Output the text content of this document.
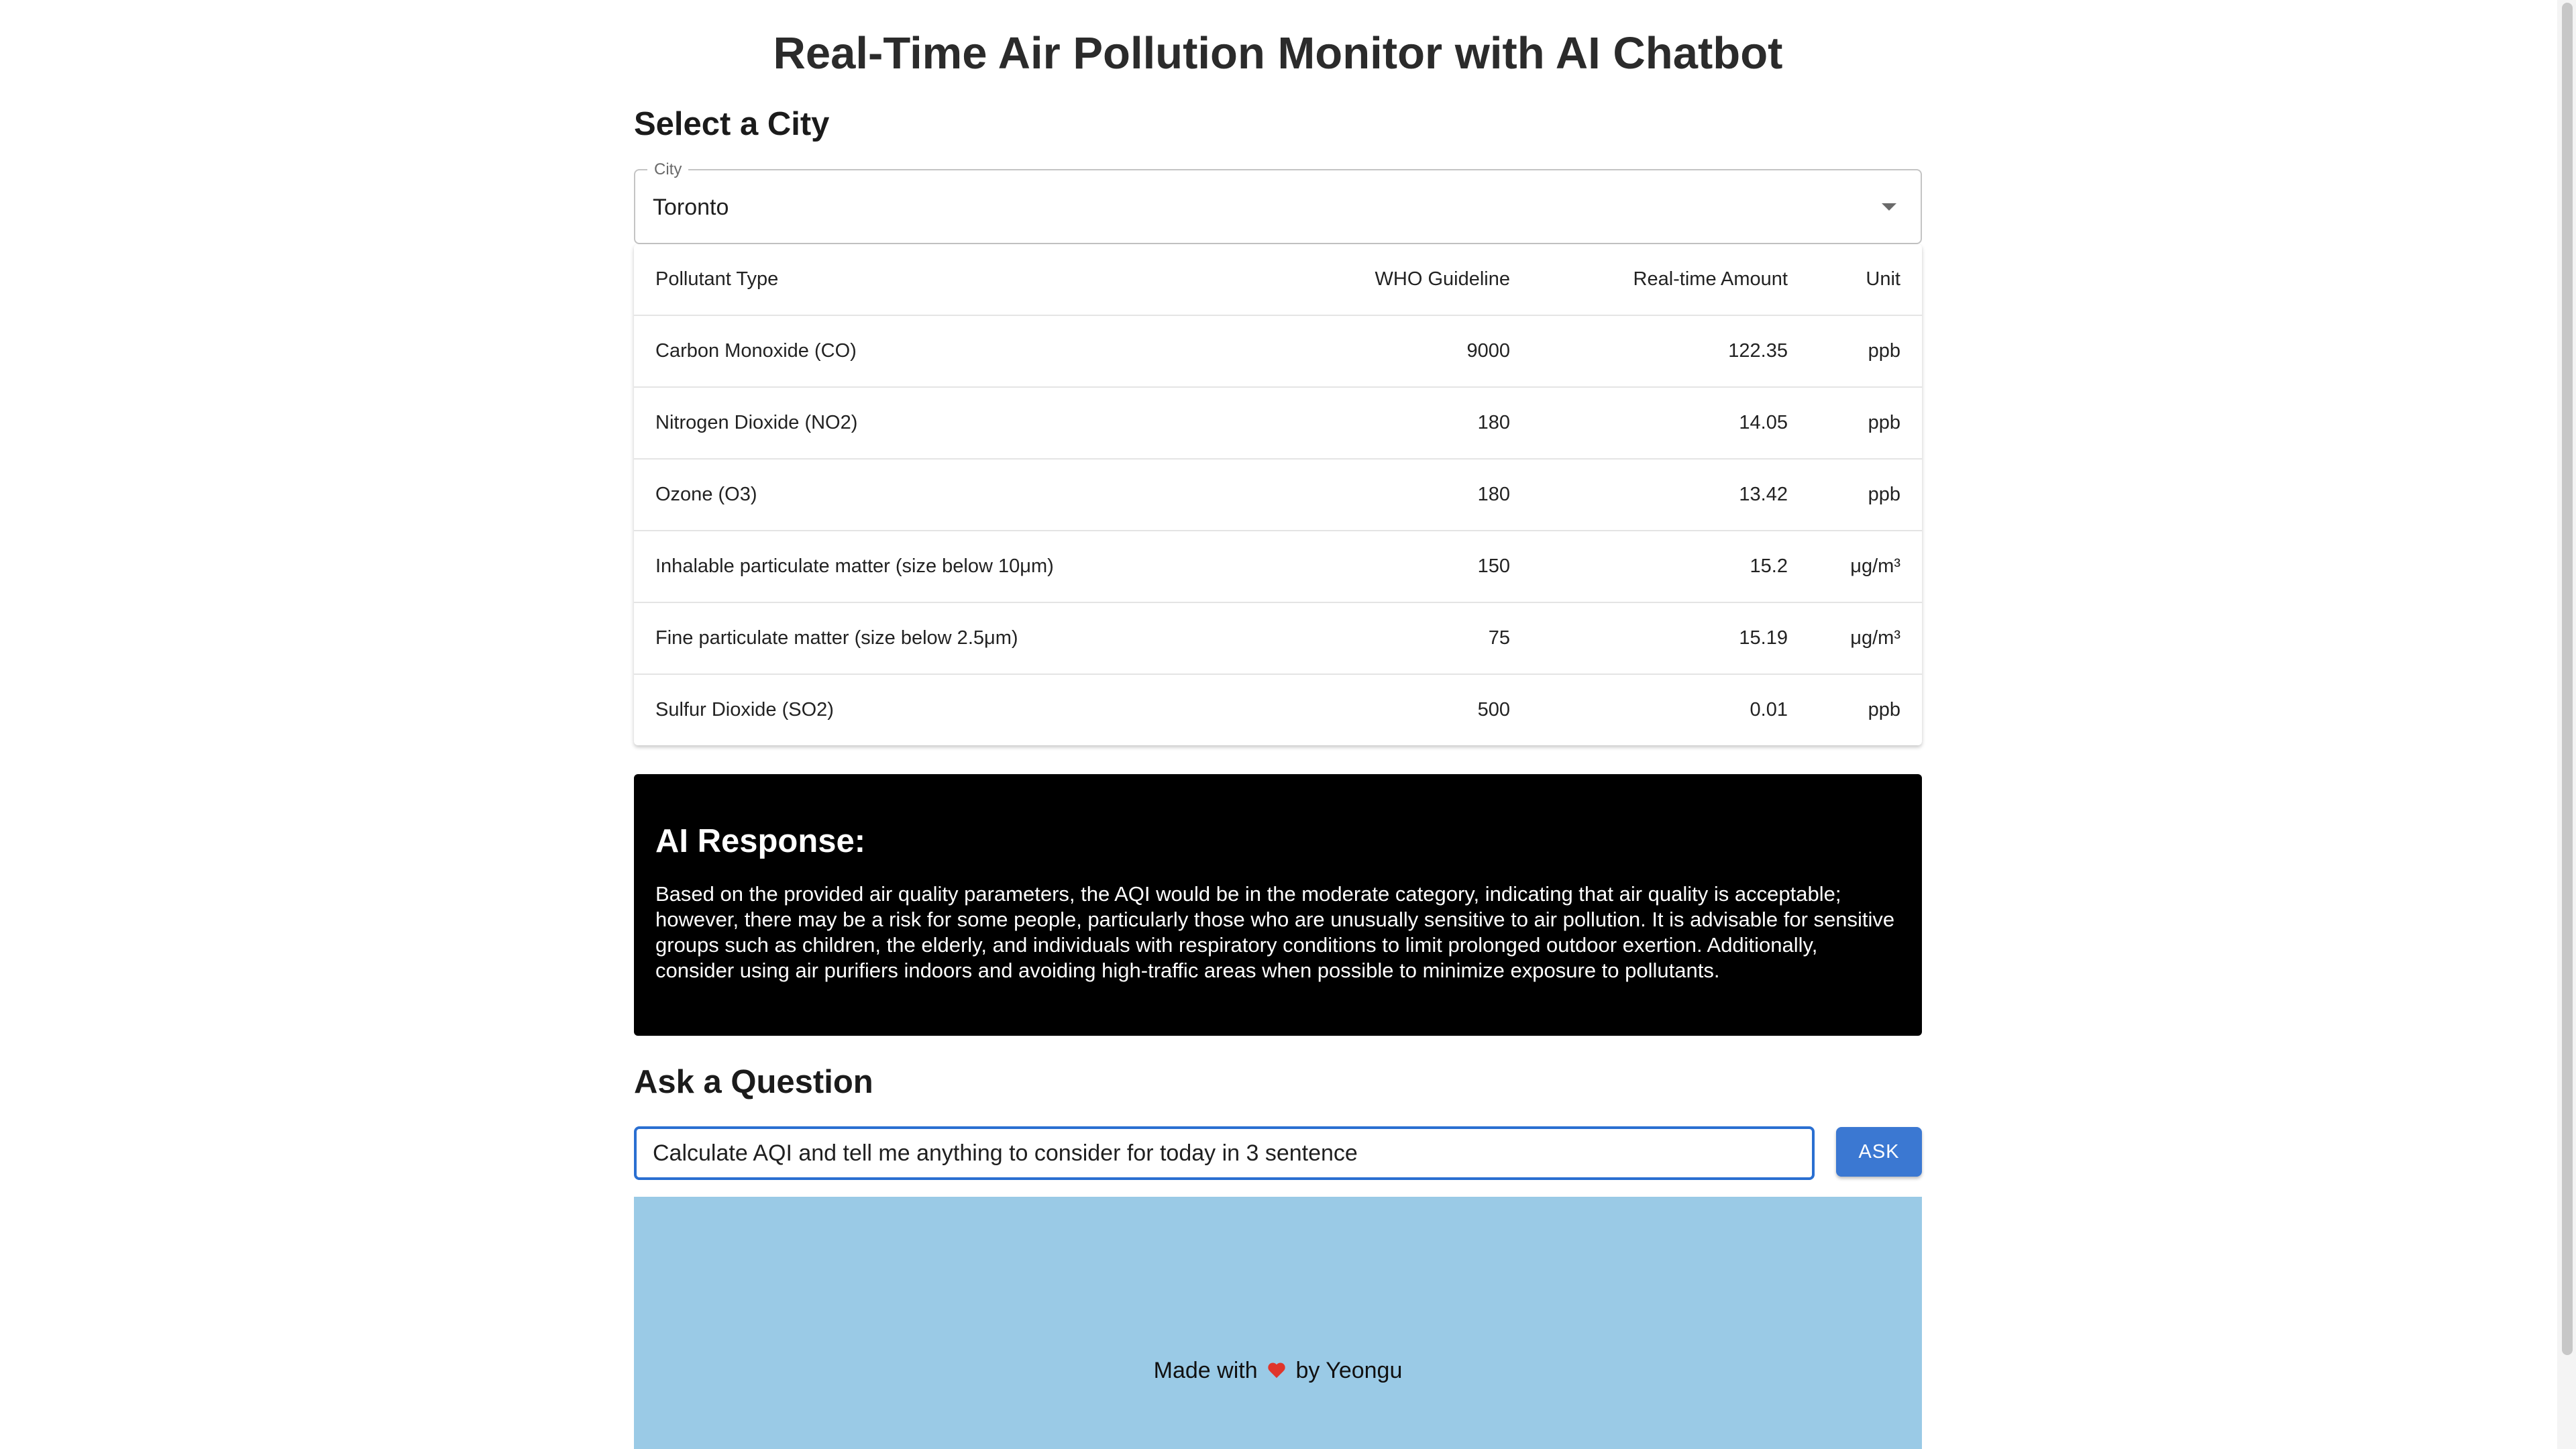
Real-Time Air Pollution Monitor with AI Chatbot
Select a City
City
Toronto
Pollutant Type	WHO Guideline	Real-time Amount	Unit
Carbon Monoxide (CO)	9000	122.35	ppb
Nitrogen Dioxide (NO2)	180	14.05	ppb
Ozone (O3)	180	13.42	ppb
Inhalable particulate matter (size below 10μm)	150	15.2	μg/m³
Fine particulate matter (size below 2.5μm)	75	15.19	μg/m³
Sulfur Dioxide (SO2)	500	0.01	ppb
AI Response:

Based on the provided air quality parameters, the AQI would be in the moderate category, indicating that air quality is acceptable; however, there may be a risk for some people, particularly those who are unusually sensitive to air pollution. It is advisable for sensitive groups such as children, the elderly, and individuals with respiratory conditions to limit prolonged outdoor exertion. Additionally, consider using air purifiers indoors and avoiding high-traffic areas when possible to minimize exposure to pollutants.

Ask a Question
Calculate AQI and tell me anything to consider for today in 3 sentence
ASK
Made with by Yeongu
